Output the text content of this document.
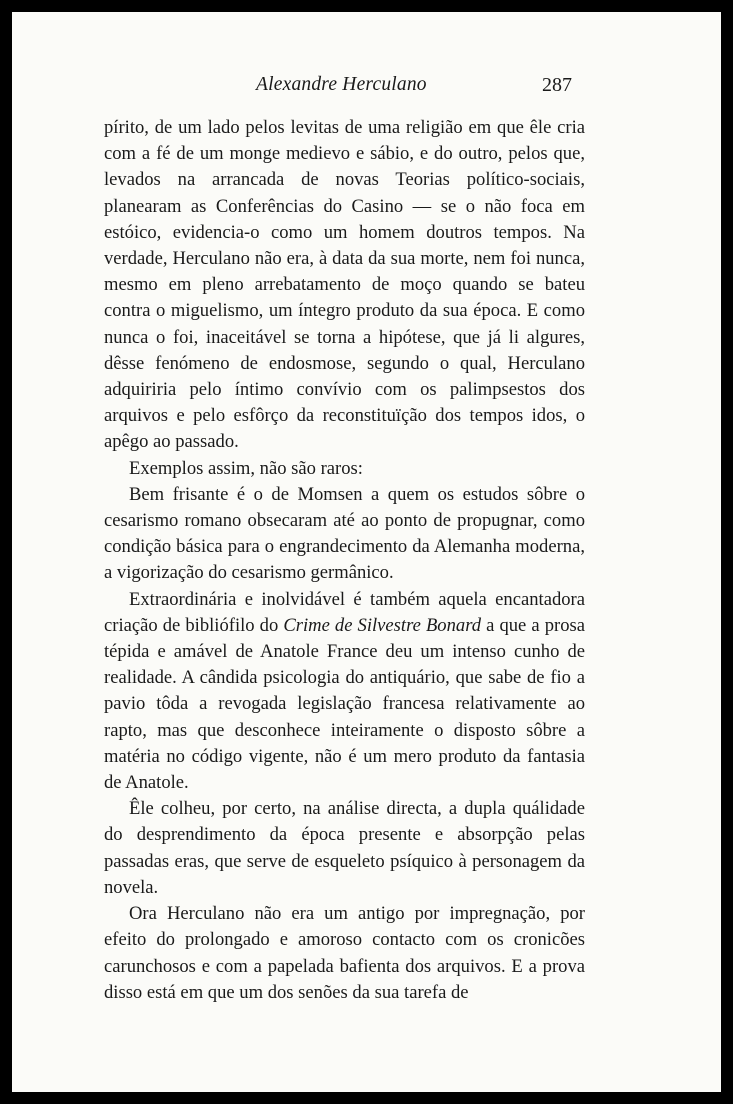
Alexandre Herculano	287

pírito, de um lado pelos levitas de uma religião em que êle cria com a fé de um monge medievo e sábio, e do outro, pelos que, levados na arrancada de novas Teorias político-sociais, planearam as Conferências do Casino — se o não foca em estóico, evidencia-o como um homem doutros tempos. Na verdade, Herculano não era, à data da sua morte, nem foi nunca, mesmo em pleno arrebatamento de moço quando se bateu contra o miguelismo, um íntegro produto da sua época. E como nunca o foi, inaceitável se torna a hipótese, que já li algures, dêsse fenómeno de endosmose, segundo o qual, Herculano adquiriria pelo íntimo convívio com os palimpsestos dos arquivos e pelo esfôrço da reconstituïção dos tempos idos, o apêgo ao passado.

Exemplos assim, não são raros:

Bem frisante é o de Momsen a quem os estudos sôbre o cesarismo romano obsecaram até ao ponto de propugnar, como condição básica para o engrandecimento da Alemanha moderna, a vigorização do cesarismo germânico.

Extraordinária e inolvidável é também aquela encantadora criação de bibliófilo do Crime de Silvestre Bonard a que a prosa tépida e amável de Anatole France deu um intenso cunho de realidade. A cândida psicologia do antiquário, que sabe de fio a pavio tôda a revogada legislação francesa relativamente ao rapto, mas que desconhece inteiramente o disposto sôbre a matéria no código vigente, não é um mero produto da fantasia de Anatole.

Êle colheu, por certo, na análise directa, a dupla quálidade do desprendimento da época presente e absorpção pelas passadas eras, que serve de esqueleto psíquico à personagem da novela.

Ora Herculano não era um antigo por impregnação, por efeito do prolongado e amoroso contacto com os cronicões carunchosos e com a papelada bafienta dos arquivos. E a prova disso está em que um dos senões da sua tarefa de
